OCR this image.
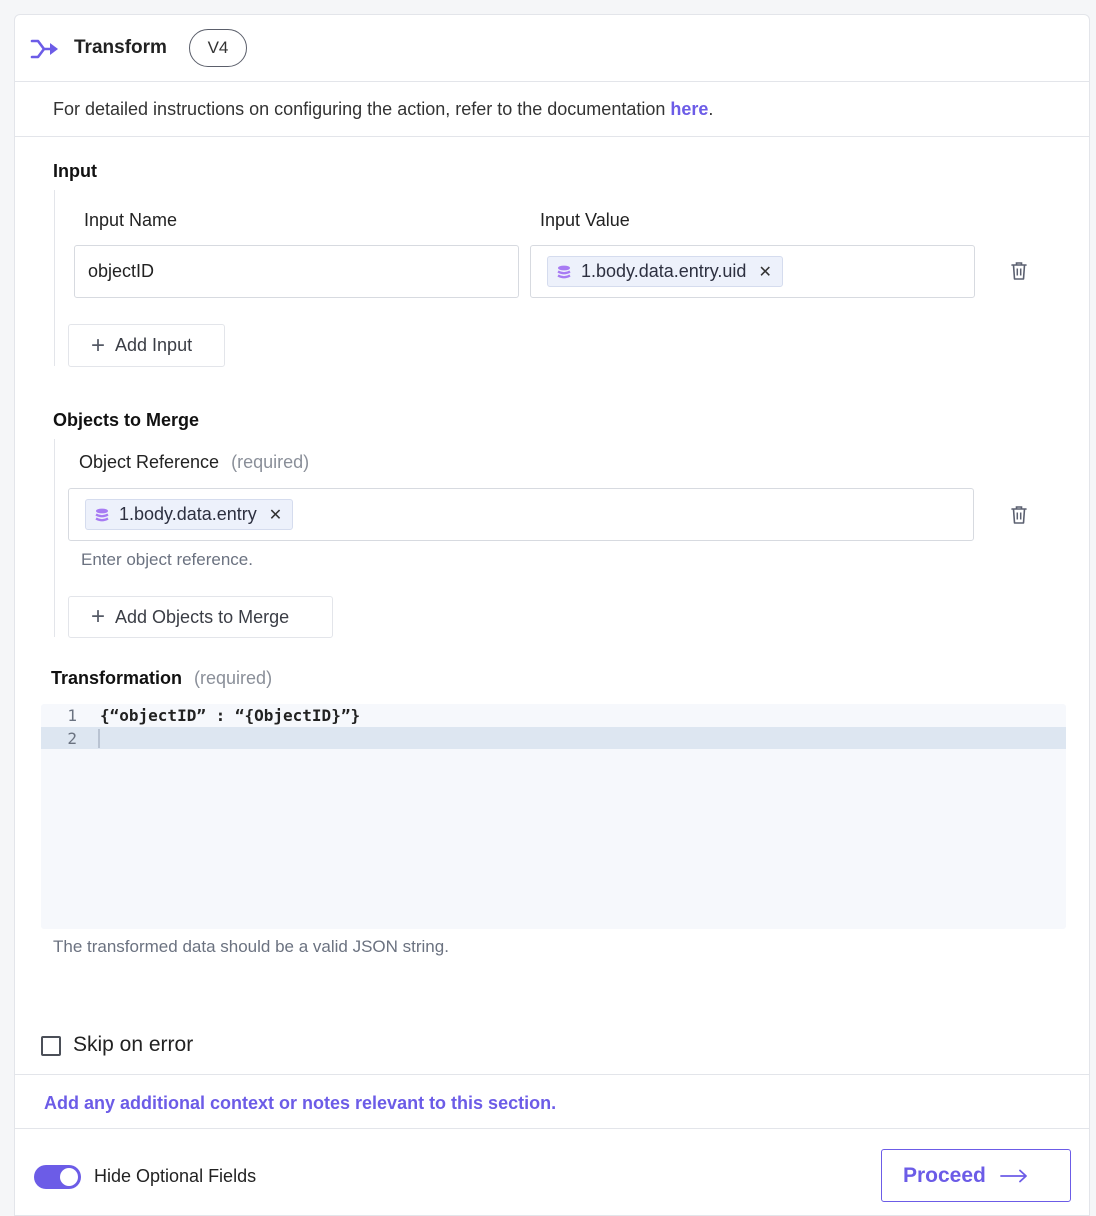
Transform	V4
For detailed instructions on configuring the action, refer to the documentation here.
Input
Input Name	Input Value
objectID	1.body.data.entry.uid ✕
+ Add Input
Objects to Merge
Object Reference (required)
1.body.data.entry ✕
Enter object reference.
+ Add Objects to Merge
Transformation (required)
1 {“objectID” : “{ObjectID}”}
2
The transformed data should be a valid JSON string.
Skip on error
Add any additional context or notes relevant to this section.
Hide Optional Fields	Proceed
